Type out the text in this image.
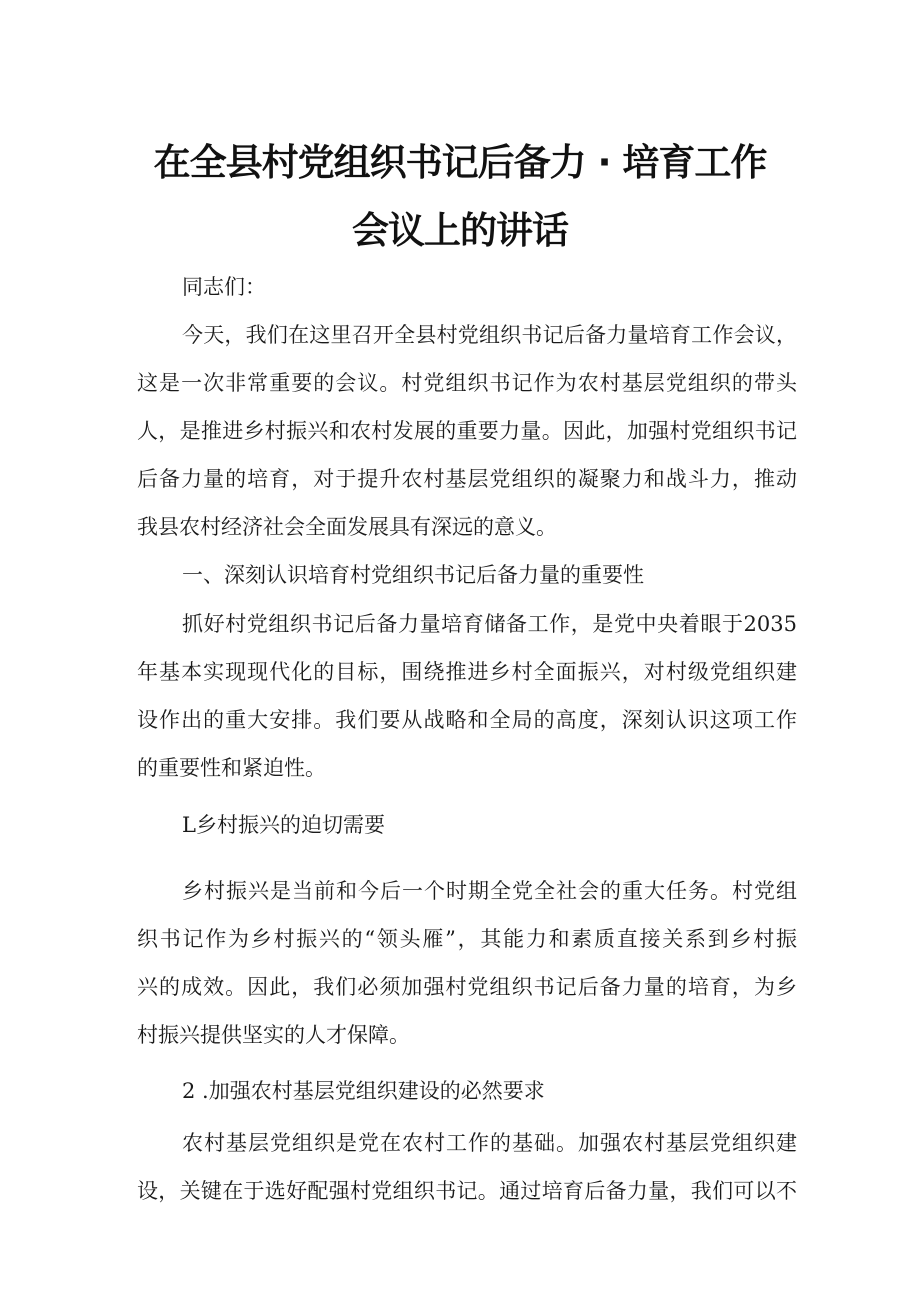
在全县村党组织书记后备力 · 培育工作
会议上的讲话

同志们：

今天，我们在这里召开全县村党组织书记后备力量培育工作会议，

这是一次非常重要的会议。村党组织书记作为农村基层党组织的带头

人，是推进乡村振兴和农村发展的重要力量。因此，加强村党组织书记

后备力量的培育，对于提升农村基层党组织的凝聚力和战斗力，推动

我县农村经济社会全面发展具有深远的意义。

一、深刻认识培育村党组织书记后备力量的重要性

抓好村党组织书记后备力量培育储备工作，是党中央着眼于2035

年基本实现现代化的目标，围绕推进乡村全面振兴，对村级党组织建

设作出的重大安排。我们要从战略和全局的高度，深刻认识这项工作

的重要性和紧迫性。

L乡村振兴的迫切需要

乡村振兴是当前和今后一个时期全党全社会的重大任务。村党组

织书记作为乡村振兴的“领头雁”，其能力和素质直接关系到乡村振

兴的成效。因此，我们必须加强村党组织书记后备力量的培育，为乡

村振兴提供坚实的人才保障。

2 .加强农村基层党组织建设的必然要求

农村基层党组织是党在农村工作的基础。加强农村基层党组织建

设，关键在于选好配强村党组织书记。通过培育后备力量，我们可以不
